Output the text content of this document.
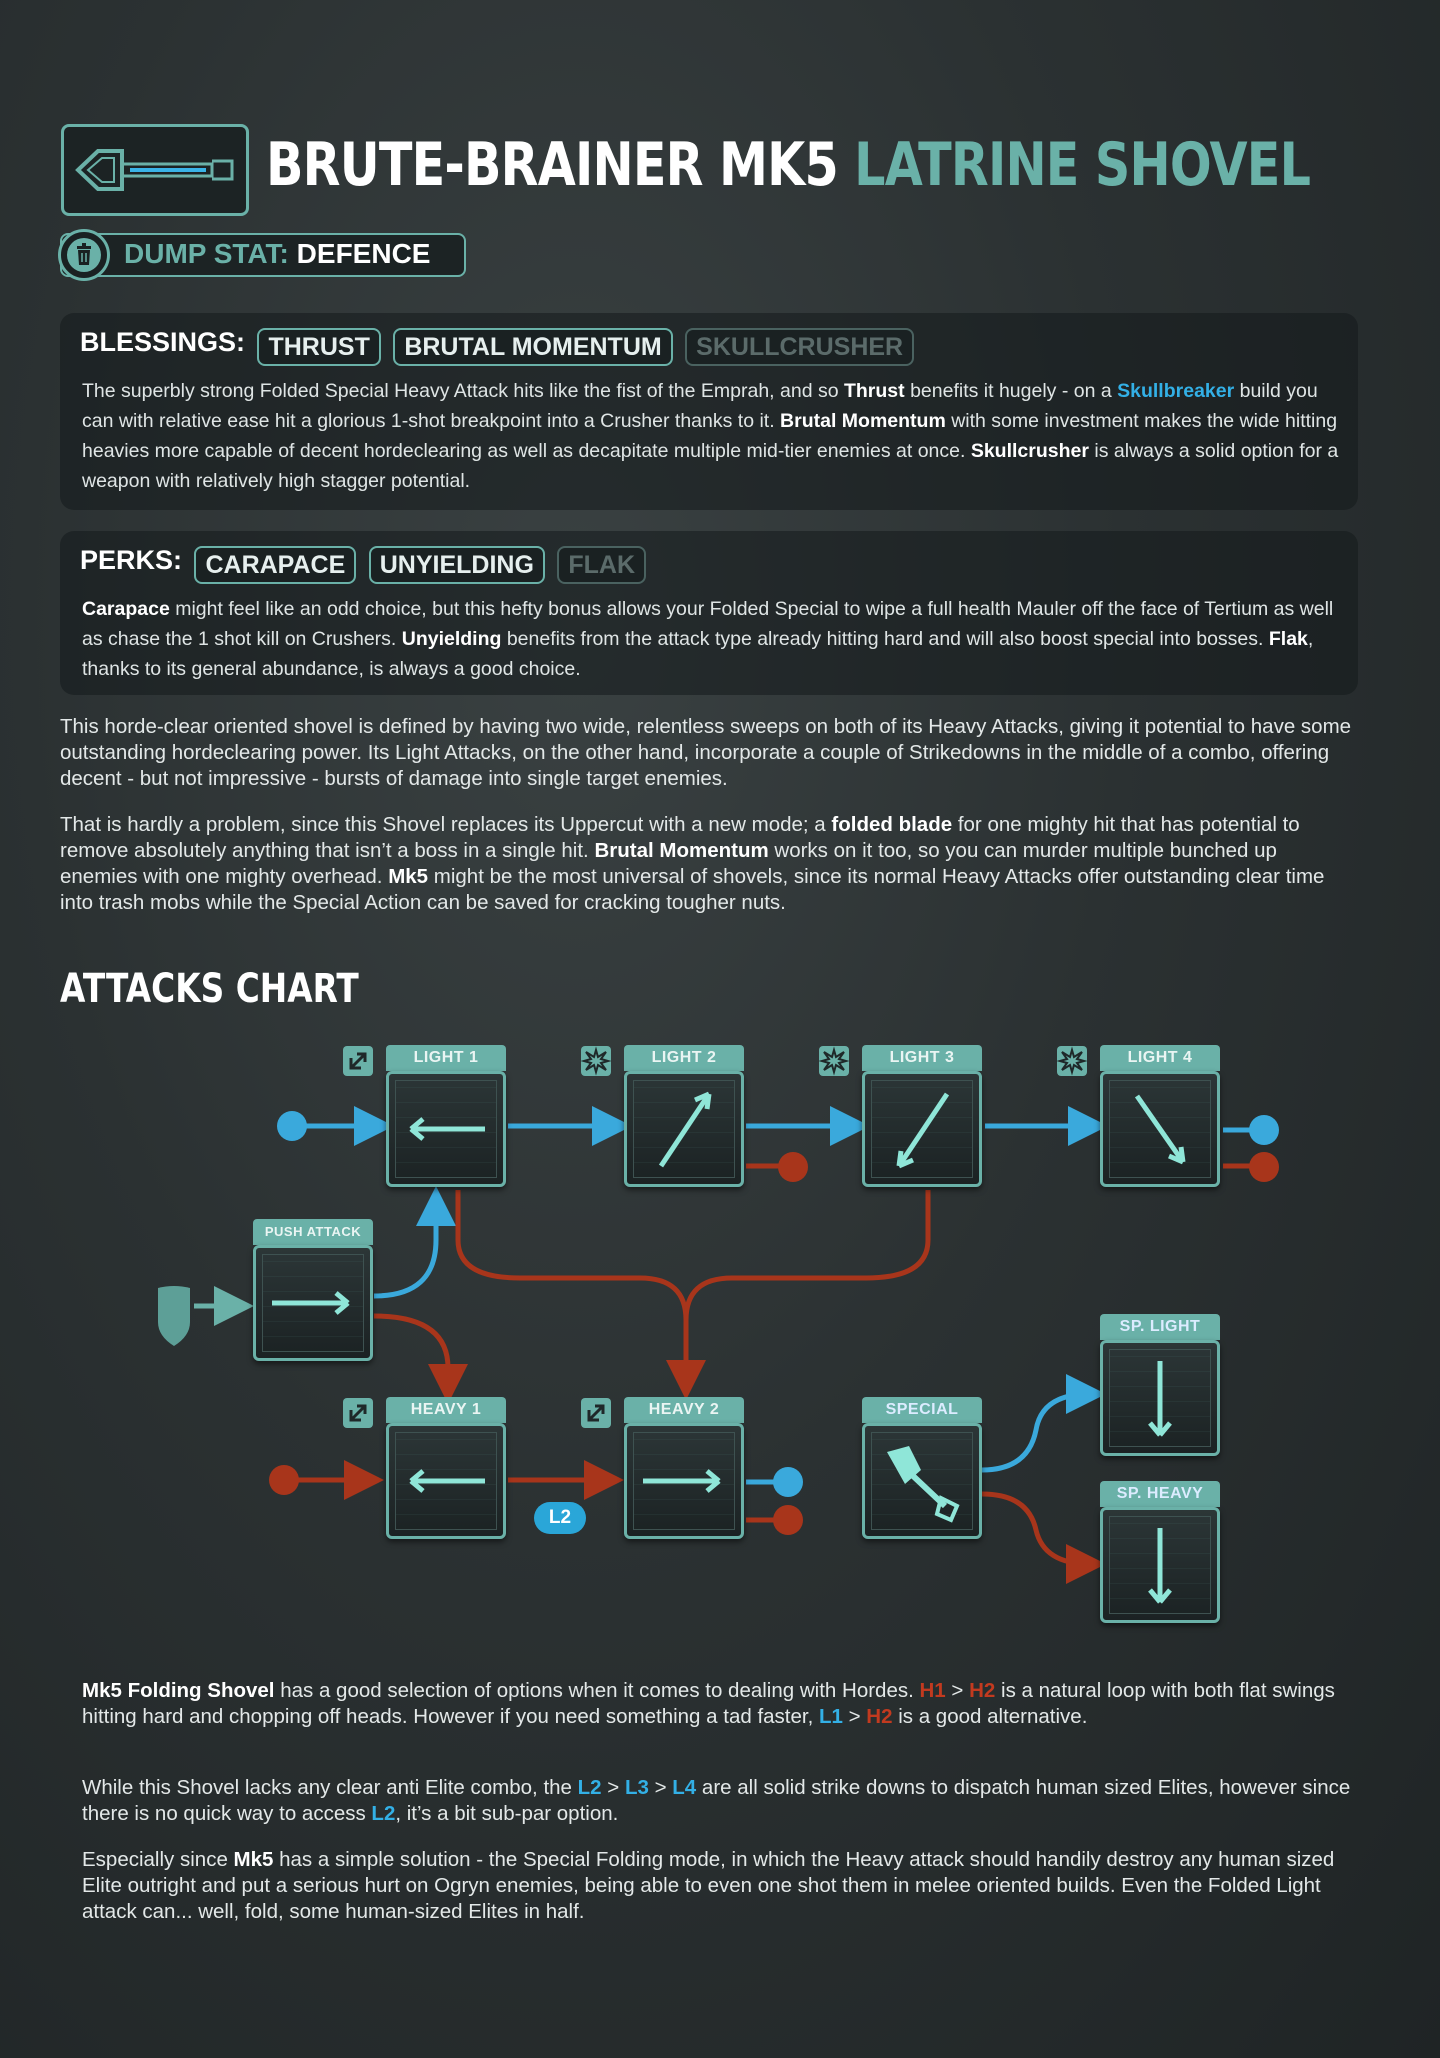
BRUTE-BRAINER MK5 LATRINE SHOVEL
DUMP STAT: DEFENCE
BLESSINGS: THRUST BRUTAL MOMENTUM SKULLCRUSHER
The superbly strong Folded Special Heavy Attack hits like the fist of the Emprah, and so Thrust benefits it hugely - on a Skullbreaker build you can with relative ease hit a glorious 1-shot breakpoint into a Crusher thanks to it. Brutal Momentum with some investment makes the wide hitting heavies more capable of decent hordeclearing as well as decapitate multiple mid-tier enemies at once. Skullcrusher is always a solid option for a weapon with relatively high stagger potential.
PERKS: CARAPACE UNYIELDING FLAK
Carapace might feel like an odd choice, but this hefty bonus allows your Folded Special to wipe a full health Mauler off the face of Tertium as well as chase the 1 shot kill on Crushers. Unyielding benefits from the attack type already hitting hard and will also boost special into bosses. Flak, thanks to its general abundance, is always a good choice.
This horde-clear oriented shovel is defined by having two wide, relentless sweeps on both of its Heavy Attacks, giving it potential to have some outstanding hordeclearing power. Its Light Attacks, on the other hand, incorporate a couple of Strikedowns in the middle of a combo, offering decent - but not impressive - bursts of damage into single target enemies.
That is hardly a problem, since this Shovel replaces its Uppercut with a new mode; a folded blade for one mighty hit that has potential to remove absolutely anything that isn’t a boss in a single hit. Brutal Momentum works on it too, so you can murder multiple bunched up enemies with one mighty overhead. Mk5 might be the most universal of shovels, since its normal Heavy Attacks offer outstanding clear time into trash mobs while the Special Action can be saved for cracking tougher nuts.
ATTACKS CHART
LIGHT 1	LIGHT 2	LIGHT 3	LIGHT 4
PUSH ATTACK
HEAVY 1	HEAVY 2
L2
SPECIAL
SP. LIGHT
SP. HEAVY
Mk5 Folding Shovel has a good selection of options when it comes to dealing with Hordes. H1 > H2 is a natural loop with both flat swings hitting hard and chopping off heads. However if you need something a tad faster, L1 > H2 is a good alternative.
While this Shovel lacks any clear anti Elite combo, the L2 > L3 > L4 are all solid strike downs to dispatch human sized Elites, however since there is no quick way to access L2, it’s a bit sub-par option.
Especially since Mk5 has a simple solution - the Special Folding mode, in which the Heavy attack should handily destroy any human sized Elite outright and put a serious hurt on Ogryn enemies, being able to even one shot them in melee oriented builds. Even the Folded Light attack can... well, fold, some human-sized Elites in half.
